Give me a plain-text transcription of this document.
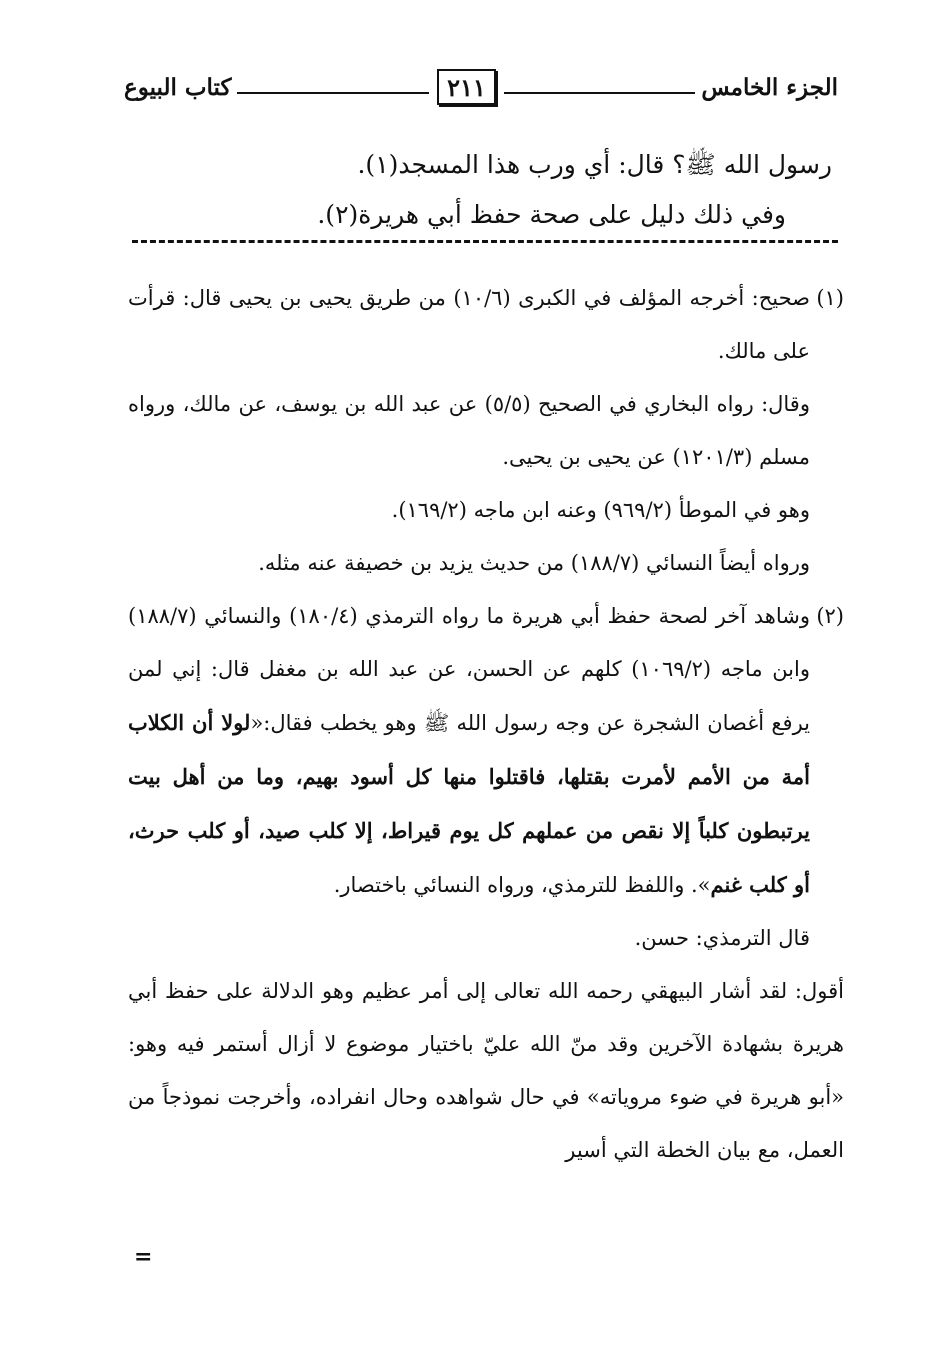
الجزء الخامس
٢١١
كتاب البيوع

رسول الله ﷺ؟ قال: أي ورب هذا المسجد(١).

وفي ذلك دليل على صحة حفظ أبي هريرة(٢).

(١)

صحيح: أخرجه المؤلف في الكبرى (١٠/٦) من طريق يحيى بن يحيى قال: قرأت على مالك.

وقال: رواه البخاري في الصحيح (٥/٥) عن عبد الله بن يوسف، عن مالك، ورواه مسلم (١٢٠١/٣) عن يحيى بن يحيى.

وهو في الموطأ (٩٦٩/٢) وعنه ابن ماجه (١٦٩/٢).

ورواه أيضاً النسائي (١٨٨/٧) من حديث يزيد بن خصيفة عنه مثله.

(٢)

وشاهد آخر لصحة حفظ أبي هريرة ما رواه الترمذي (١٨٠/٤) والنسائي (١٨٨/٧) وابن ماجه (١٠٦٩/٢) كلهم عن الحسن، عن عبد الله بن مغفل قال: إني لمن يرفع أغصان الشجرة عن وجه رسول الله ﷺ وهو يخطب فقال:«لولا أن الكلاب أمة من الأمم لأمرت بقتلها، فاقتلوا منها كل أسود بهيم، وما من أهل بيت يرتبطون كلباً إلا نقص من عملهم كل يوم قيراط، إلا كلب صيد، أو كلب حرث، أو كلب غنم». واللفظ للترمذي، ورواه النسائي باختصار.

قال الترمذي: حسن.

أقول: لقد أشار البيهقي رحمه الله تعالى إلى أمر عظيم وهو الدلالة على حفظ أبي هريرة بشهادة الآخرين وقد منّ الله عليّ باختيار موضوع لا أزال أستمر فيه وهو: «أبو هريرة في ضوء مروياته» في حال شواهده وحال انفراده، وأخرجت نموذجاً من العمل، مع بيان الخطة التي أسير

=
